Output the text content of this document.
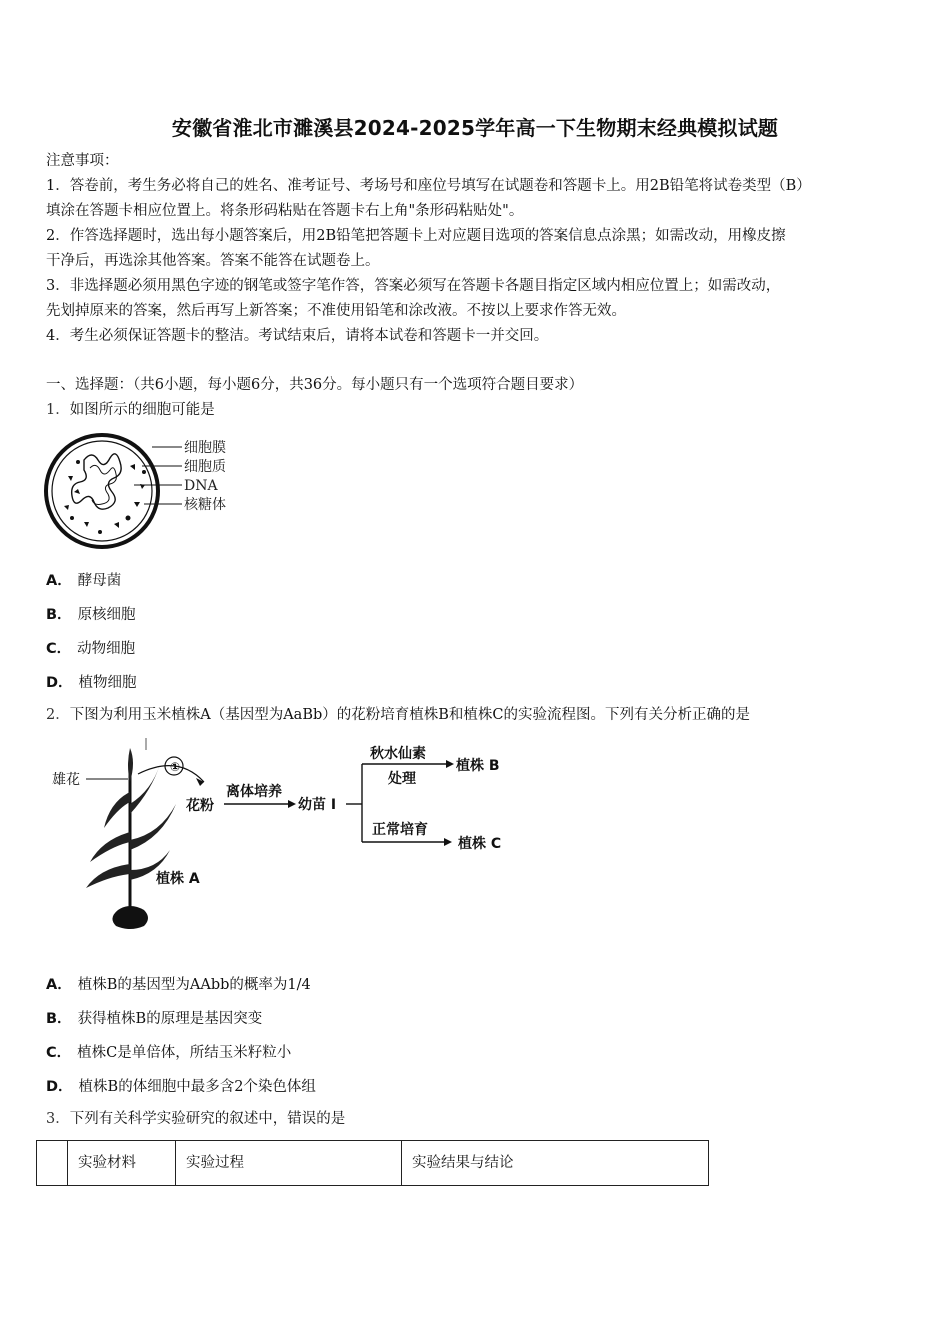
安徽省淮北市濉溪县2024-2025学年高一下生物期末经典模拟试题
注意事项：
1．答卷前，考生务必将自己的姓名、准考证号、考场号和座位号填写在试题卷和答题卡上。用2B铅笔将试卷类型（B）
填涂在答题卡相应位置上。将条形码粘贴在答题卡右上角"条形码粘贴处"。
2．作答选择题时，选出每小题答案后，用2B铅笔把答题卡上对应题目选项的答案信息点涂黑；如需改动，用橡皮擦
干净后，再选涂其他答案。答案不能答在试题卷上。
3．非选择题必须用黑色字迹的钢笔或签字笔作答，答案必须写在答题卡各题目指定区域内相应位置上；如需改动，
先划掉原来的答案，然后再写上新答案；不准使用铅笔和涂改液。不按以上要求作答无效。
4．考生必须保证答题卡的整洁。考试结束后，请将本试卷和答题卡一并交回。
一、选择题：（共6小题，每小题6分，共36分。每小题只有一个选项符合题目要求）
1．如图所示的细胞可能是
细胞膜
细胞质
DNA
核糖体
A． 酵母菌
B． 原核细胞
C． 动物细胞
D． 植物细胞
2．下图为利用玉米植株A（基因型为AaBb）的花粉培育植株B和植株C的实验流程图。下列有关分析正确的是
雄花
①
花粉
离体培养
幼苗 I
秋水仙素
处理
正常培育
植株 B
植株 C
植株 A
A． 植株B的基因型为AAbb的概率为1/4
B． 获得植株B的原理是基因突变
C． 植株C是单倍体，所结玉米籽粒小
D． 植株B的体细胞中最多含2个染色体组
3．下列有关科学实验研究的叙述中，错误的是
	实验材料	实验过程	实验结果与结论
